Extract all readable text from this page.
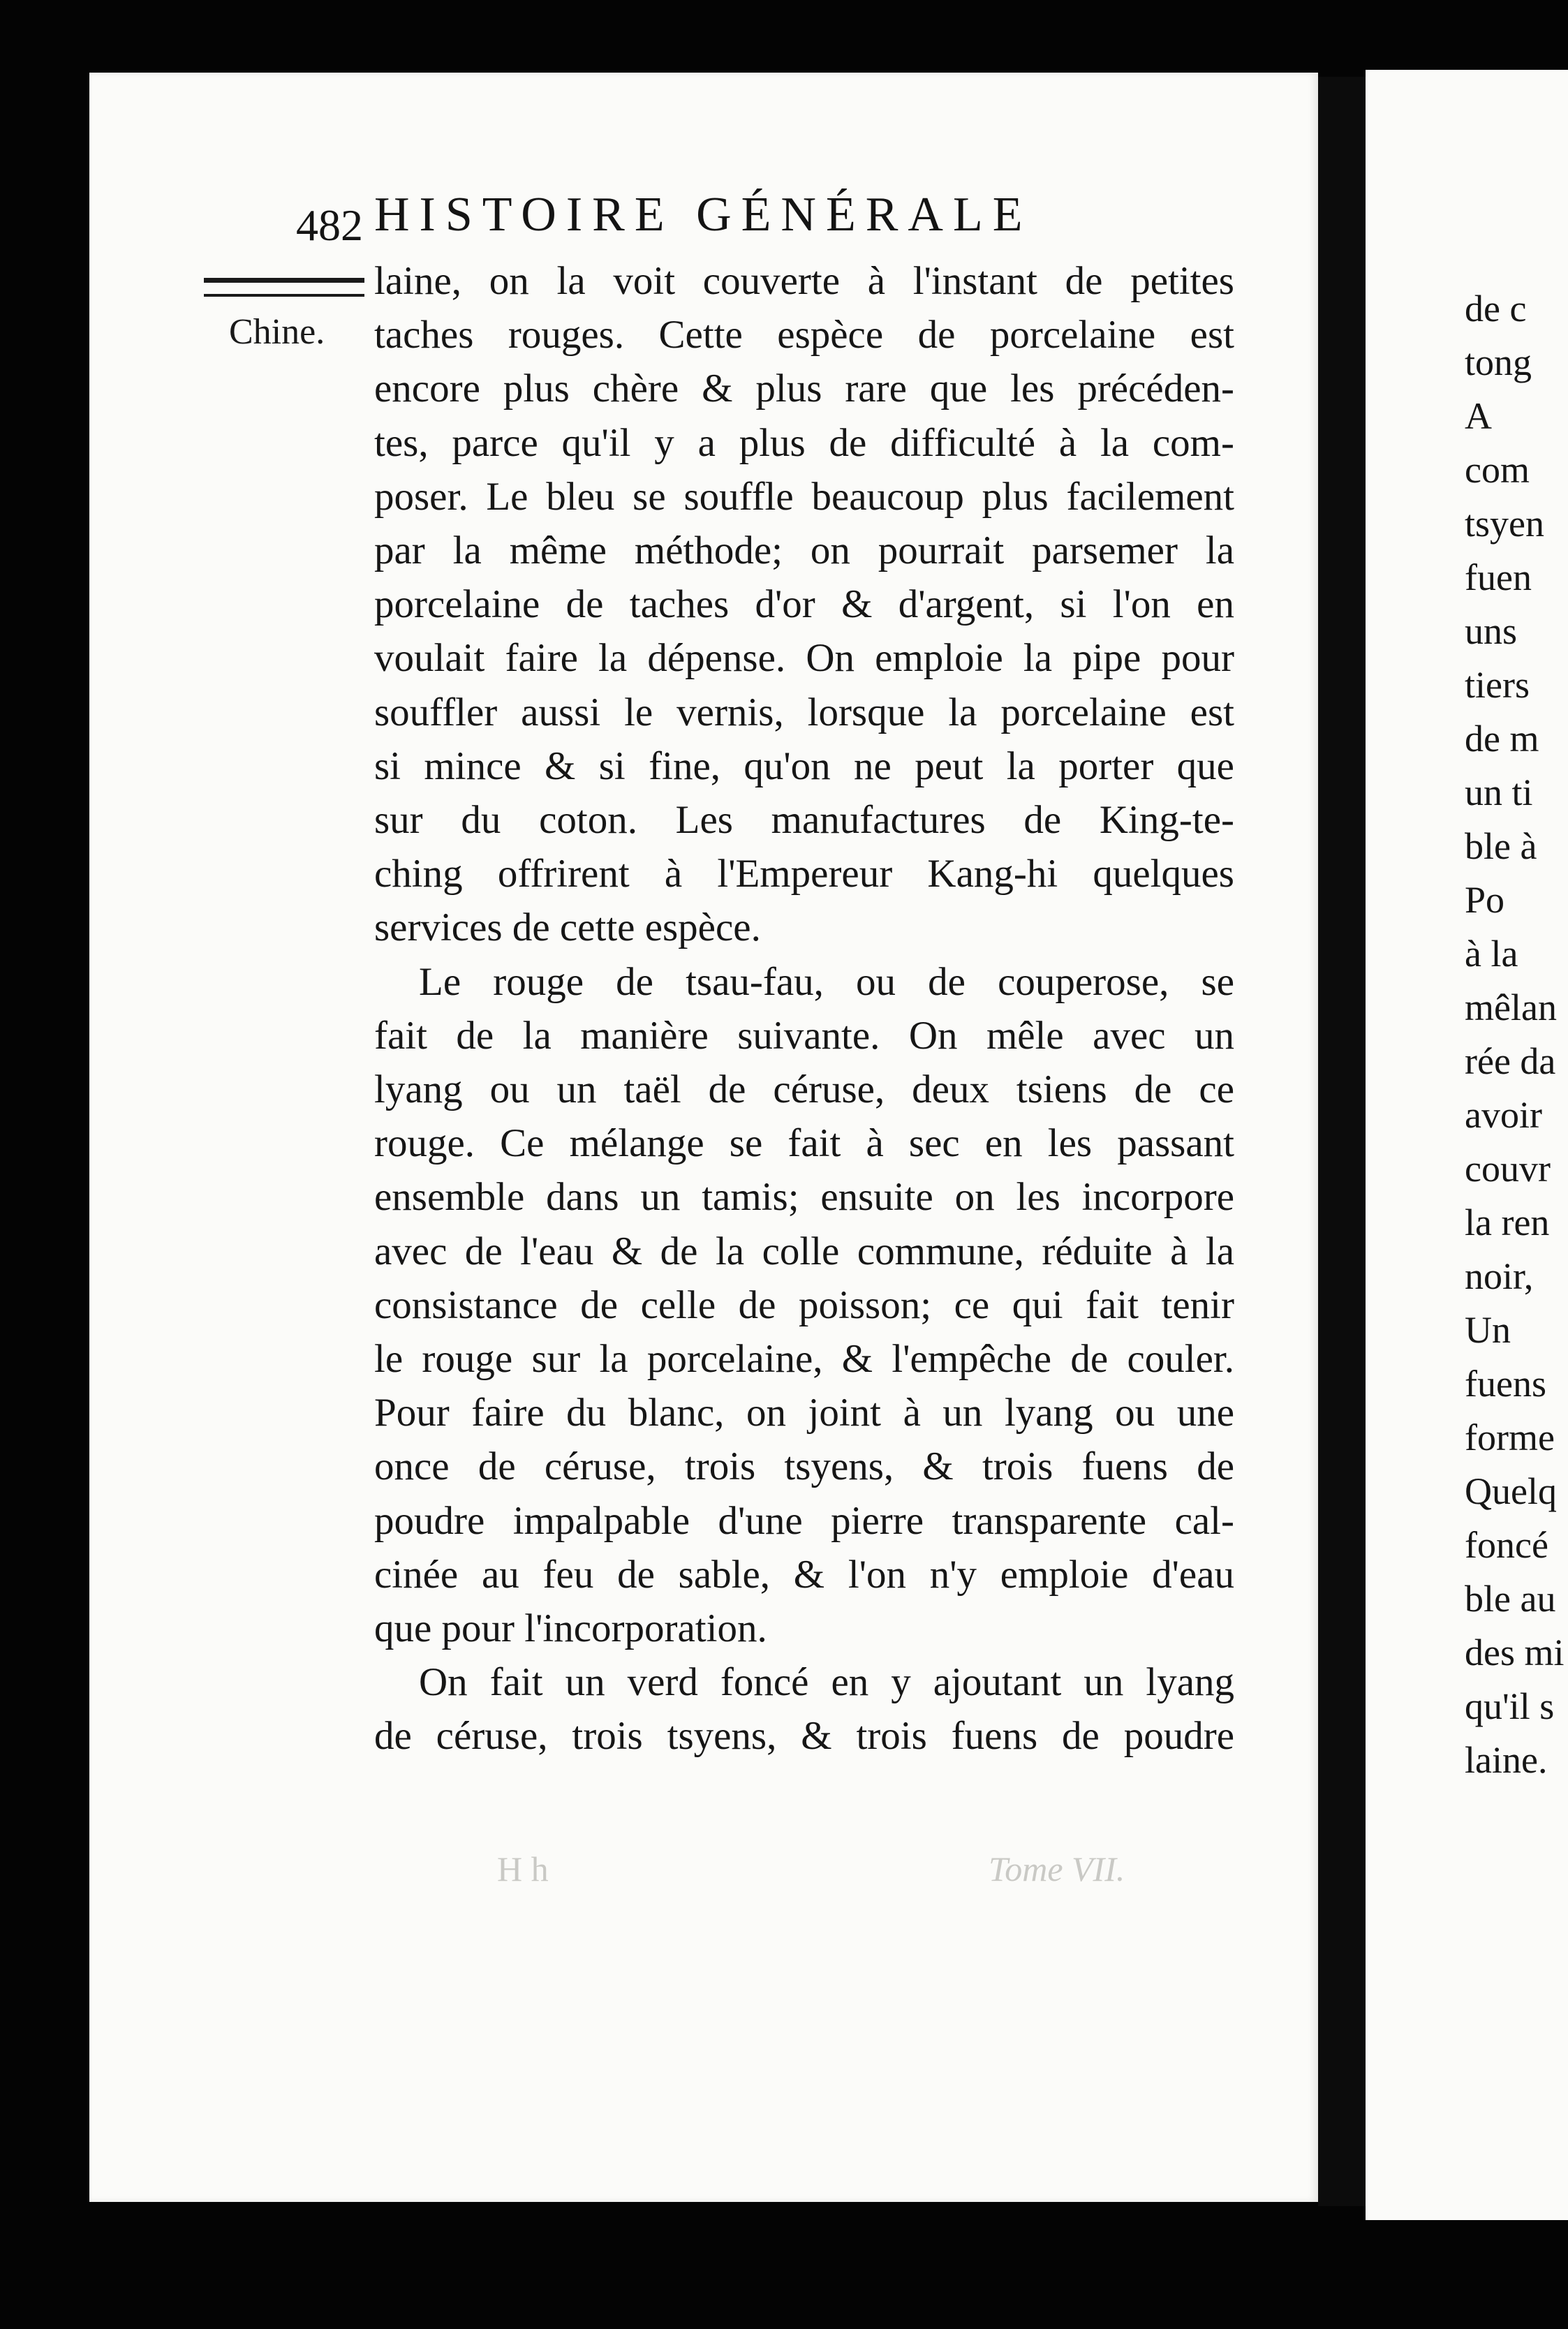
482 HISTOIRE GÉNÉRALE
Chine.
laine, on la voit couverte à l'instant de petites
taches rouges. Cette espèce de porcelaine est
encore plus chère & plus rare que les précéden-
tes, parce qu'il y a plus de difficulté à la com-
poser. Le bleu se souffle beaucoup plus facilement
par la même méthode; on pourrait parsemer la
porcelaine de taches d'or & d'argent, si l'on en
voulait faire la dépense. On emploie la pipe pour
souffler aussi le vernis, lorsque la porcelaine est
si mince & si fine, qu'on ne peut la porter que
sur du coton. Les manufactures de King-te-
ching offrirent à l'Empereur Kang-hi quelques
services de cette espèce.
Le rouge de tsau-fau, ou de couperose, se
fait de la manière suivante. On mêle avec un
lyang ou un taël de céruse, deux tsiens de ce
rouge. Ce mélange se fait à sec en les passant
ensemble dans un tamis; ensuite on les incorpore
avec de l'eau & de la colle commune, réduite à la
consistance de celle de poisson; ce qui fait tenir
le rouge sur la porcelaine, & l'empêche de couler.
Pour faire du blanc, on joint à un lyang ou une
once de céruse, trois tsyens, & trois fuens de
poudre impalpable d'une pierre transparente cal-
cinée au feu de sable, & l'on n'y emploie d'eau
que pour l'incorporation.
On fait un verd foncé en y ajoutant un lyang
de céruse, trois tsyens, & trois fuens de poudre
H h	Tome VII.
de c
tong
A
com
tsyen
fuen
uns
tiers
de m
un ti
ble à
Po
à la
mêlan
rée da
avoir
couvr
la ren
noir,
Un
fuens
forme
Quelq
foncé
ble au
des mi
qu'il s
laine.
